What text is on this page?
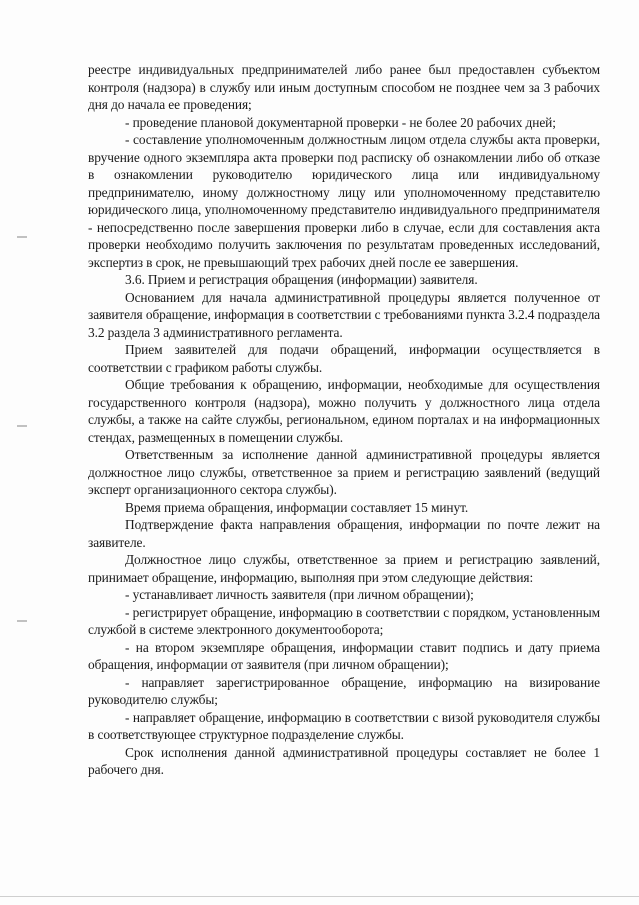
реестре индивидуальных предпринимателей либо ранее был предоставлен субъектом контроля (надзора) в службу или иным доступным способом не позднее чем за 3 рабочих дня до начала ее проведения;

- проведение плановой документарной проверки - не более 20 рабочих дней;

- составление уполномоченным должностным лицом отдела службы акта проверки, вручение одного экземпляра акта проверки под расписку об ознакомлении либо об отказе в ознакомлении руководителю юридического лица или индивидуальному предпринимателю, иному должностному лицу или уполномоченному представителю юридического лица, уполномоченному представителю индивидуального предпринимателя - непосредственно после завершения проверки либо в случае, если для составления акта проверки необходимо получить заключения по результатам проведенных исследований, экспертиз в срок, не превышающий трех рабочих дней после ее завершения.

3.6. Прием и регистрация обращения (информации) заявителя.

Основанием для начала административной процедуры является полученное от заявителя обращение, информация в соответствии с требованиями пункта 3.2.4 подраздела 3.2 раздела 3 административного регламента.

Прием заявителей для подачи обращений, информации осуществляется в соответствии с графиком работы службы.

Общие требования к обращению, информации, необходимые для осуществления государственного контроля (надзора), можно получить у должностного лица отдела службы, а также на сайте службы, региональном, едином порталах и на информационных стендах, размещенных в помещении службы.

Ответственным за исполнение данной административной процедуры является должностное лицо службы, ответственное за прием и регистрацию заявлений (ведущий эксперт организационного сектора службы).

Время приема обращения, информации составляет 15 минут.

Подтверждение факта направления обращения, информации по почте лежит на заявителе.

Должностное лицо службы, ответственное за прием и регистрацию заявлений, принимает обращение, информацию, выполняя при этом следующие действия:

- устанавливает личность заявителя (при личном обращении);

- регистрирует обращение, информацию в соответствии с порядком, установленным службой в системе электронного документооборота;

- на втором экземпляре обращения, информации ставит подпись и дату приема обращения, информации от заявителя (при личном обращении);

- направляет зарегистрированное обращение, информацию на визирование руководителю службы;

- направляет обращение, информацию в соответствии с визой руководителя службы в соответствующее структурное подразделение службы.

Срок исполнения данной административной процедуры составляет не более 1 рабочего дня.
